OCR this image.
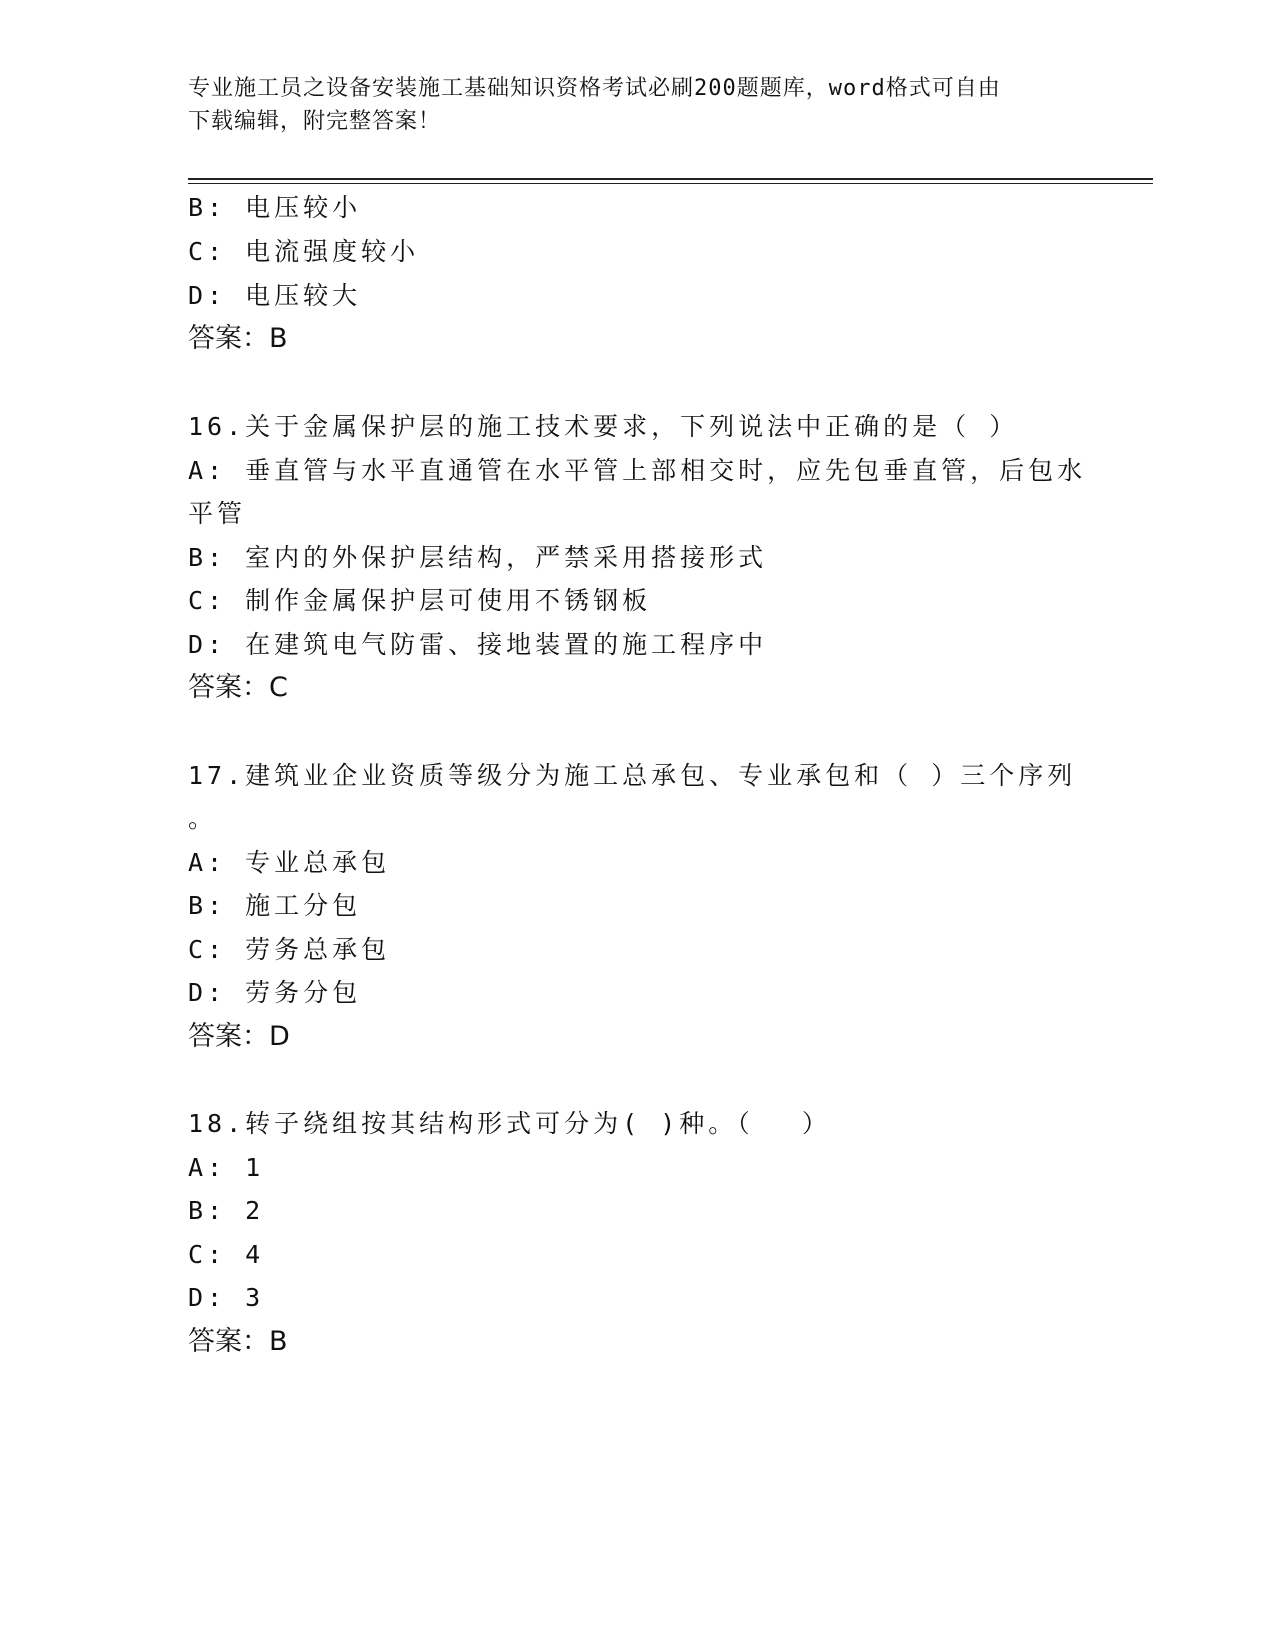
专业施工员之设备安装施工基础知识资格考试必刷200题题库，word格式可自由
下载编辑，附完整答案！
B: 电压较小
C: 电流强度较小
D: 电压较大
答案：B
16.关于金属保护层的施工技术要求，下列说法中正确的是（ ）
A: 垂直管与水平直通管在水平管上部相交时，应先包垂直管，后包水
平管
B: 室内的外保护层结构，严禁采用搭接形式
C: 制作金属保护层可使用不锈钢板
D: 在建筑电气防雷、接地装置的施工程序中
答案：C
17.建筑业企业资质等级分为施工总承包、专业承包和（ ）三个序列
。
A: 专业总承包
B: 施工分包
C: 劳务总承包
D: 劳务分包
答案：D
18.转子绕组按其结构形式可分为( )种。（　 ）
A: 1
B: 2
C: 4
D: 3
答案：B
